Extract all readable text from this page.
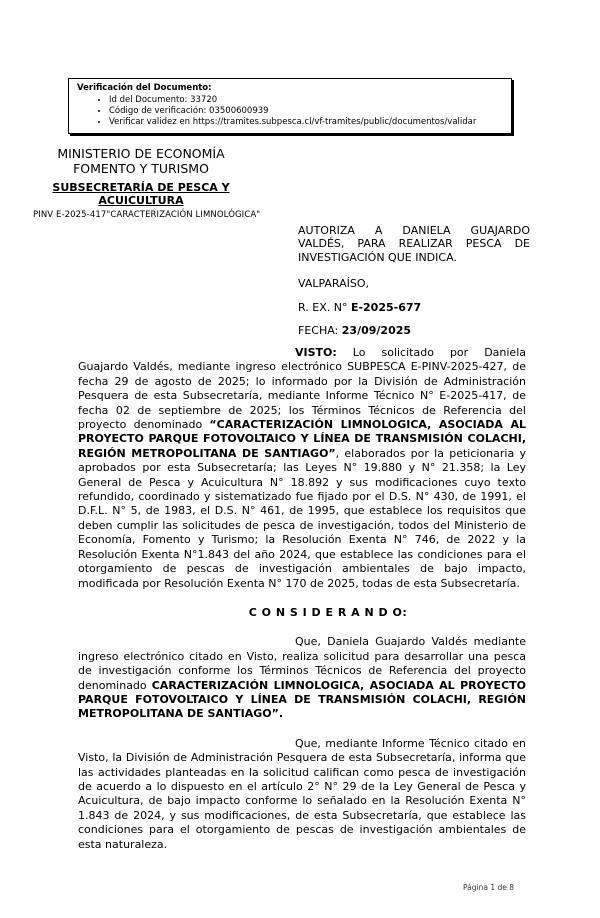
Verificación del Documento:
• Id del Documento: 33720
• Código de verificación: 03500600939
• Verificar validez en https://tramites.subpesca.cl/vf-tramites/public/documentos/validar
MINISTERIO DE ECONOMÍA
FOMENTO Y TURISMO
SUBSECRETARÍA DE PESCA Y
ACUICULTURA
PINV E-2025-417"CARACTERIZACIÓN LIMNOLÓGICA"
AUTORIZA A DANIELA GUAJARDO VALDÉS, PARA REALIZAR PESCA DE INVESTIGACIÓN QUE INDICA.
VALPARAÍSO,
R. EX. N° E-2025-677
FECHA: 23/09/2025

VISTO: Lo solicitado por Daniela Guajardo Valdés, mediante ingreso electrónico SUBPESCA E-PINV-2025-427, de fecha 29 de agosto de 2025; lo informado por la División de Administración Pesquera de esta Subsecretaría, mediante Informe Técnico N° E-2025-417, de fecha 02 de septiembre de 2025; los Términos Técnicos de Referencia del proyecto denominado “CARACTERIZACIÓN LIMNOLOGICA, ASOCIADA AL PROYECTO PARQUE FOTOVOLTAICO Y LÍNEA DE TRANSMISIÓN COLACHI, REGIÓN METROPOLITANA DE SANTIAGO”, elaborados por la peticionaria y aprobados por esta Subsecretaría; las Leyes N° 19.880 y N° 21.358; la Ley General de Pesca y Acuicultura N° 18.892 y sus modificaciones cuyo texto refundido, coordinado y sistematizado fue fijado por el D.S. N° 430, de 1991, el D.F.L. N° 5, de 1983, el D.S. N° 461, de 1995, que establece los requisitos que deben cumplir las solicitudes de pesca de investigación, todos del Ministerio de Economía, Fomento y Turismo; la Resolución Exenta N° 746, de 2022 y la Resolución Exenta N°1.843 del año 2024, que establece las condiciones para el otorgamiento de pescas de investigación ambientales de bajo impacto, modificada por Resolución Exenta N° 170 de 2025, todas de esta Subsecretaría.

C O N S I D E R A N D O:

Que, Daniela Guajardo Valdés mediante ingreso electrónico citado en Visto, realiza solicitud para desarrollar una pesca de investigación conforme los Términos Técnicos de Referencia del proyecto denominado CARACTERIZACIÓN LIMNOLOGICA, ASOCIADA AL PROYECTO PARQUE FOTOVOLTAICO Y LÍNEA DE TRANSMISIÓN COLACHI, REGIÓN METROPOLITANA DE SANTIAGO”.

Que, mediante Informe Técnico citado en Visto, la División de Administración Pesquera de esta Subsecretaría, informa que las actividades planteadas en la solicitud califican como pesca de investigación de acuerdo a lo dispuesto en el artículo 2° N° 29 de la Ley General de Pesca y Acuicultura, de bajo impacto conforme lo señalado en la Resolución Exenta N° 1.843 de 2024, y sus modificaciones, de esta Subsecretaría, que establece las condiciones para el otorgamiento de pescas de investigación ambientales de esta naturaleza.

Página 1 de 8
